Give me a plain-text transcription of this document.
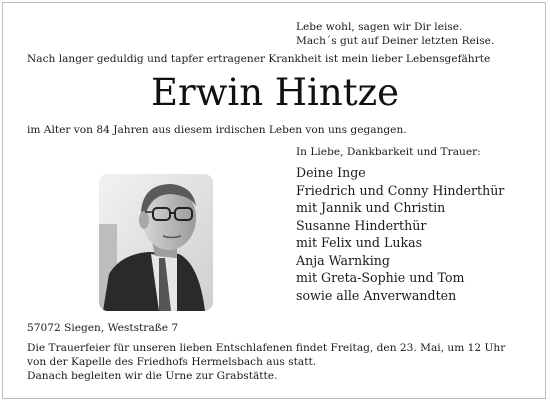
Lebe wohl, sagen wir Dir leise.
Mach´s gut auf Deiner letzten Reise.
Nach langer geduldig und tapfer ertragener Krankheit ist mein lieber Lebensgefährte
Erwin Hintze
im Alter von 84 Jahren aus diesem irdischen Leben von uns gegangen.
In Liebe, Dankbarkeit und Trauer:
Deine Inge
Friedrich und Conny Hinderthür
mit Jannik und Christin
Susanne Hinderthür
mit Felix und Lukas
Anja Warnking
mit Greta-Sophie und Tom
sowie alle Anverwandten
57072 Siegen, Weststraße 7
Die Trauerfeier für unseren lieben Entschlafenen findet Freitag, den 23. Mai, um 12 Uhr
von der Kapelle des Friedhofs Hermelsbach aus statt.
Danach begleiten wir die Urne zur Grabstätte.
